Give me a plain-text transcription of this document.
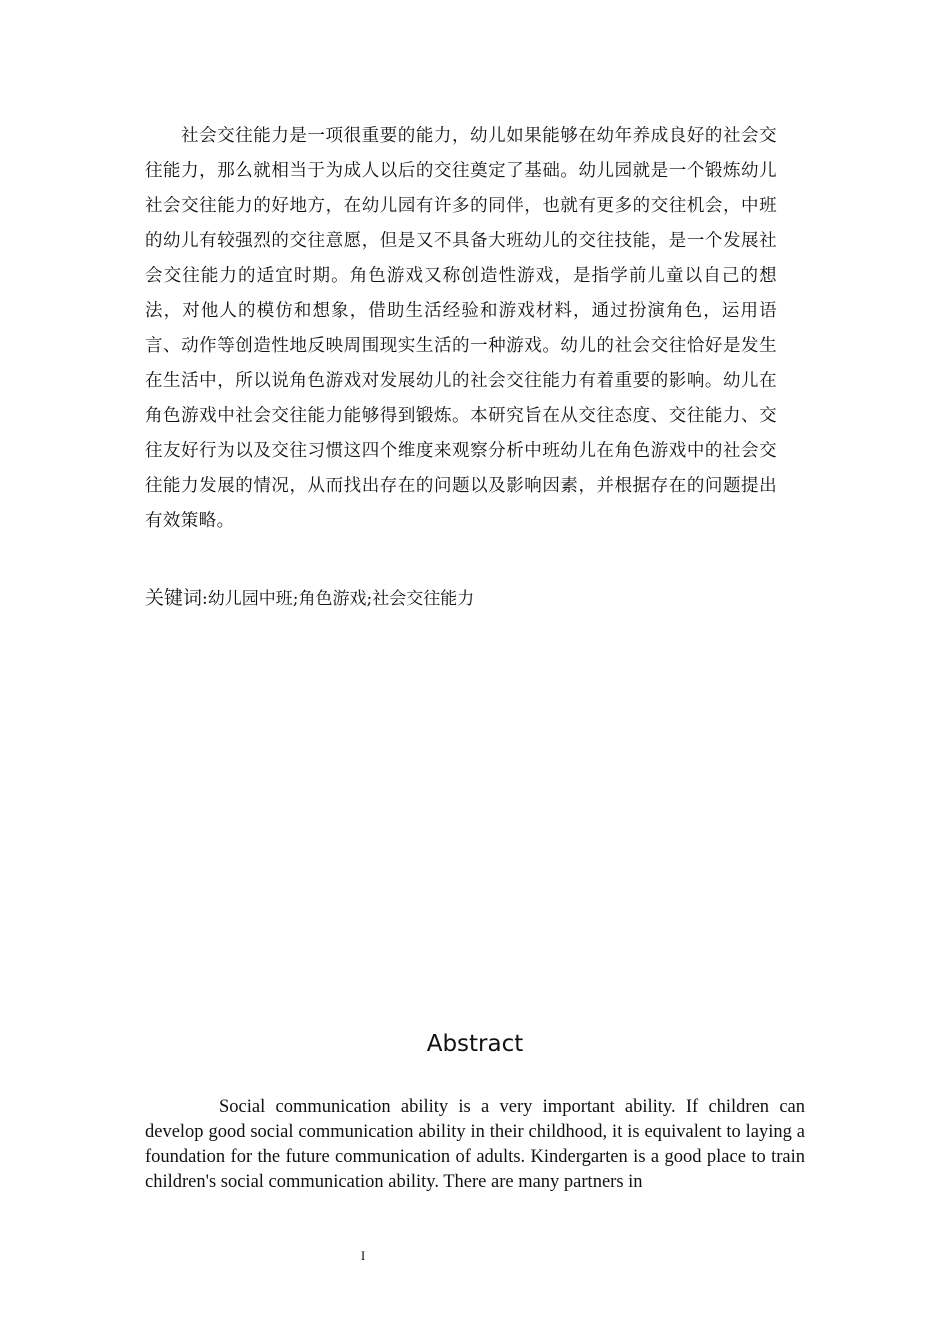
社会交往能力是一项很重要的能力，幼儿如果能够在幼年养成良好的社会交往能力，那么就相当于为成人以后的交往奠定了基础。幼儿园就是一个锻炼幼儿社会交往能力的好地方，在幼儿园有许多的同伴，也就有更多的交往机会，中班的幼儿有较强烈的交往意愿，但是又不具备大班幼儿的交往技能，是一个发展社会交往能力的适宜时期。角色游戏又称创造性游戏，是指学前儿童以自己的想法，对他人的模仿和想象，借助生活经验和游戏材料，通过扮演角色，运用语言、动作等创造性地反映周围现实生活的一种游戏。幼儿的社会交往恰好是发生在生活中，所以说角色游戏对发展幼儿的社会交往能力有着重要的影响。幼儿在角色游戏中社会交往能力能够得到锻炼。本研究旨在从交往态度、交往能力、交往友好行为以及交往习惯这四个维度来观察分析中班幼儿在角色游戏中的社会交往能力发展的情况，从而找出存在的问题以及影响因素，并根据存在的问题提出有效策略。

关键词:幼儿园中班;角色游戏;社会交往能力

Abstract

Social communication ability is a very important ability. If children can develop good social communication ability in their childhood, it is equivalent to laying a foundation for the future communication of adults. Kindergarten is a good place to train children's social communication ability. There are many partners in

I
